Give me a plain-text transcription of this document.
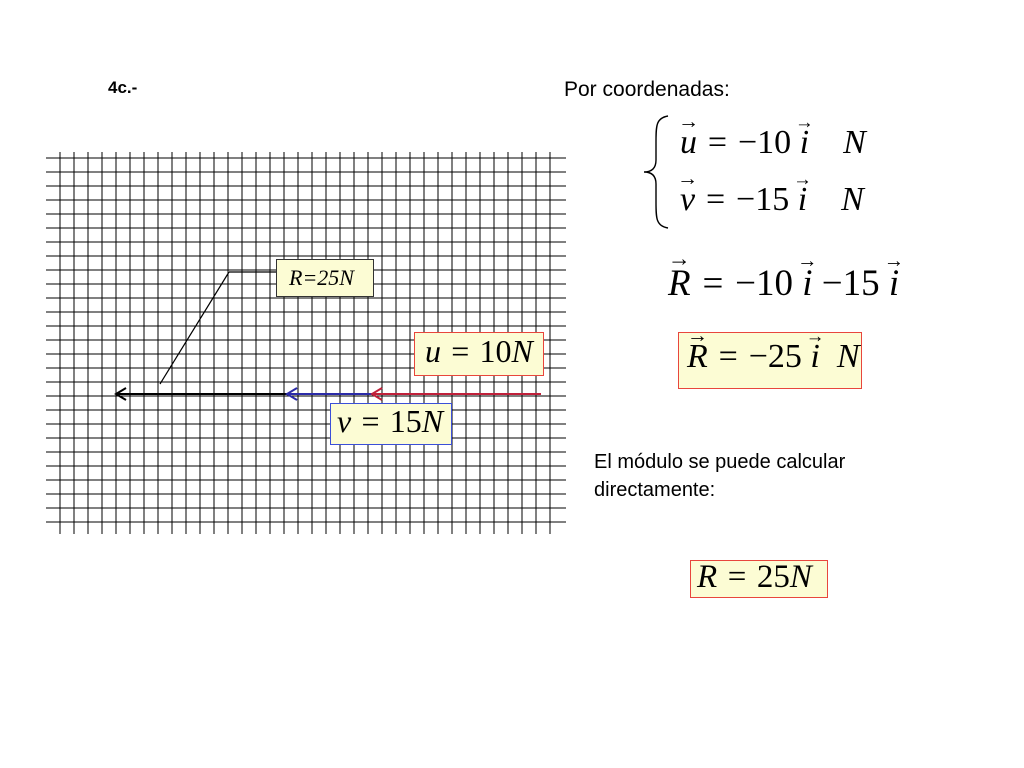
4c.-	Por coordenadas:
→ u = −10 → i N
→ v = −15 → i N
→ R = −10 → i −15 → i
→ R = −25 → i N
El módulo se puede calcular
directamente:
R = 25N
R=25N
u = 10N
v = 15N
